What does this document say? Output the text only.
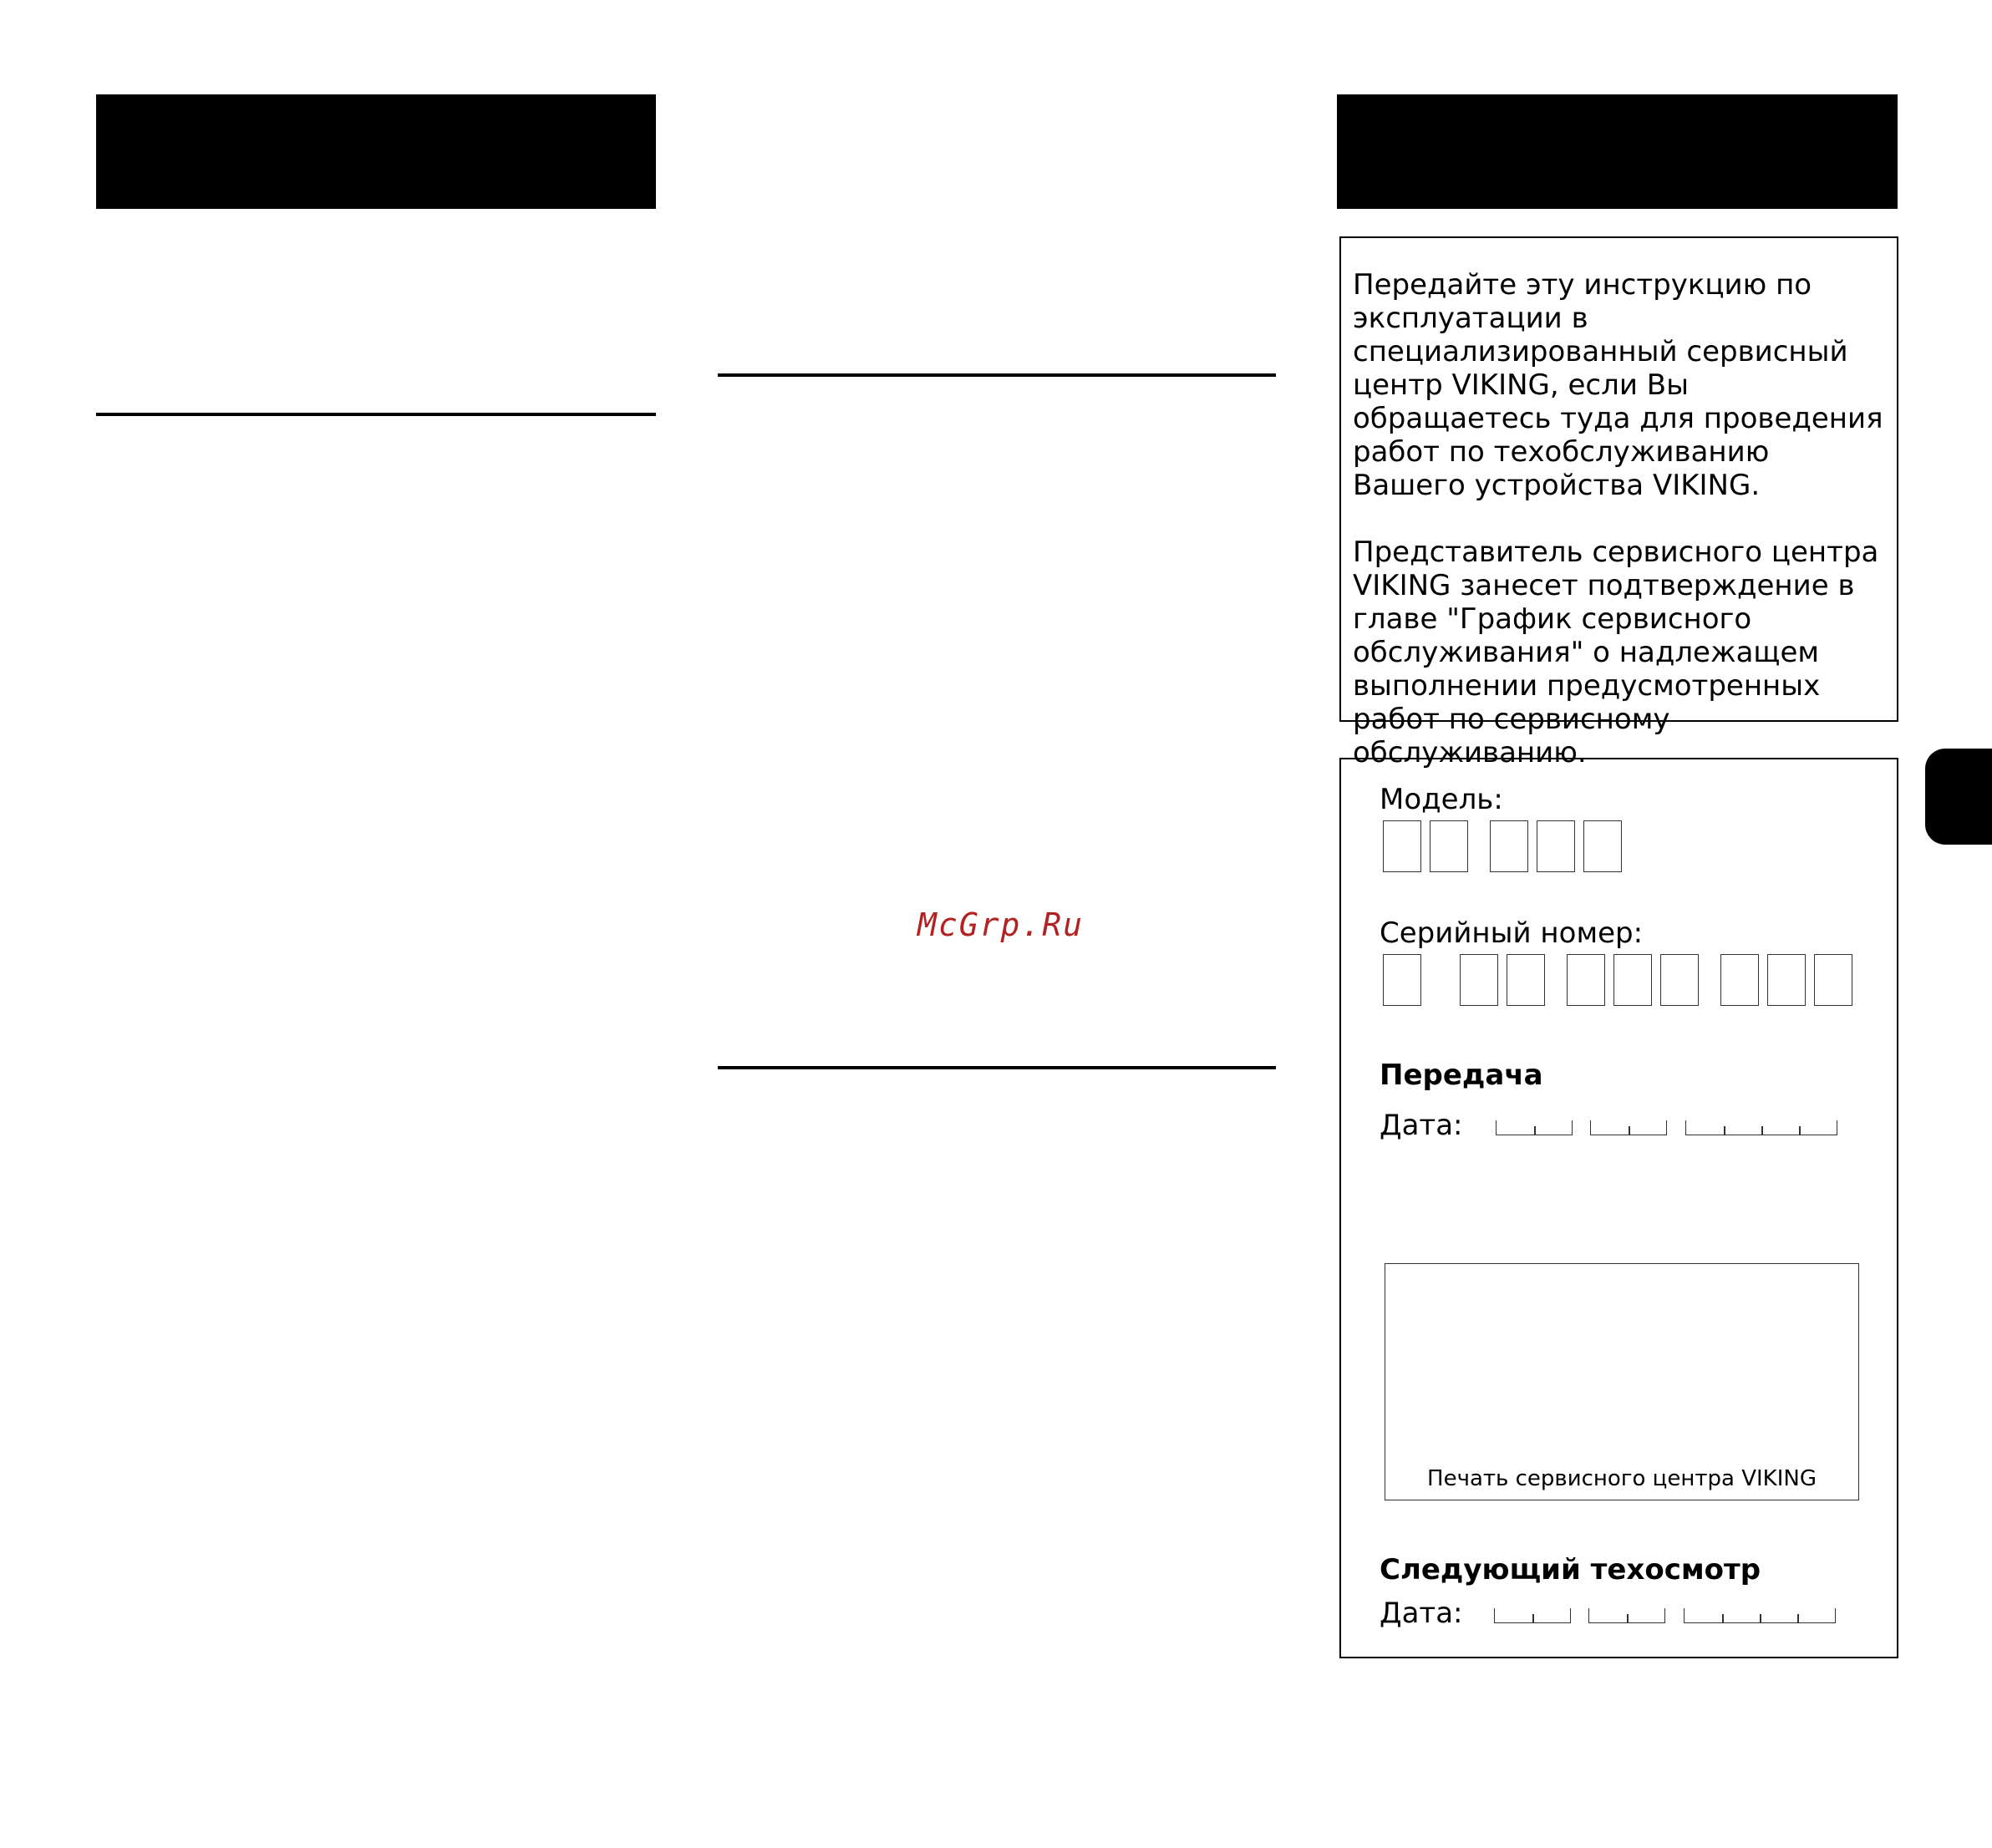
McGrp.Ru

Передайте эту инструкцию по эксплуатации в специализированный сервисный центр VIKING, если Вы обращаетесь туда для проведения работ по техобслуживанию Вашего устройства VIKING.

Представитель сервисного центра VIKING занесет подтверждение в главе "График сервисного обслуживания" о надлежащем выполнении предусмотренных работ по сервисному обслуживанию.

Модель:
Серийный номер:
Передача
Дата:
Печать сервисного центра VIKING
Следующий техосмотр
Дата:
